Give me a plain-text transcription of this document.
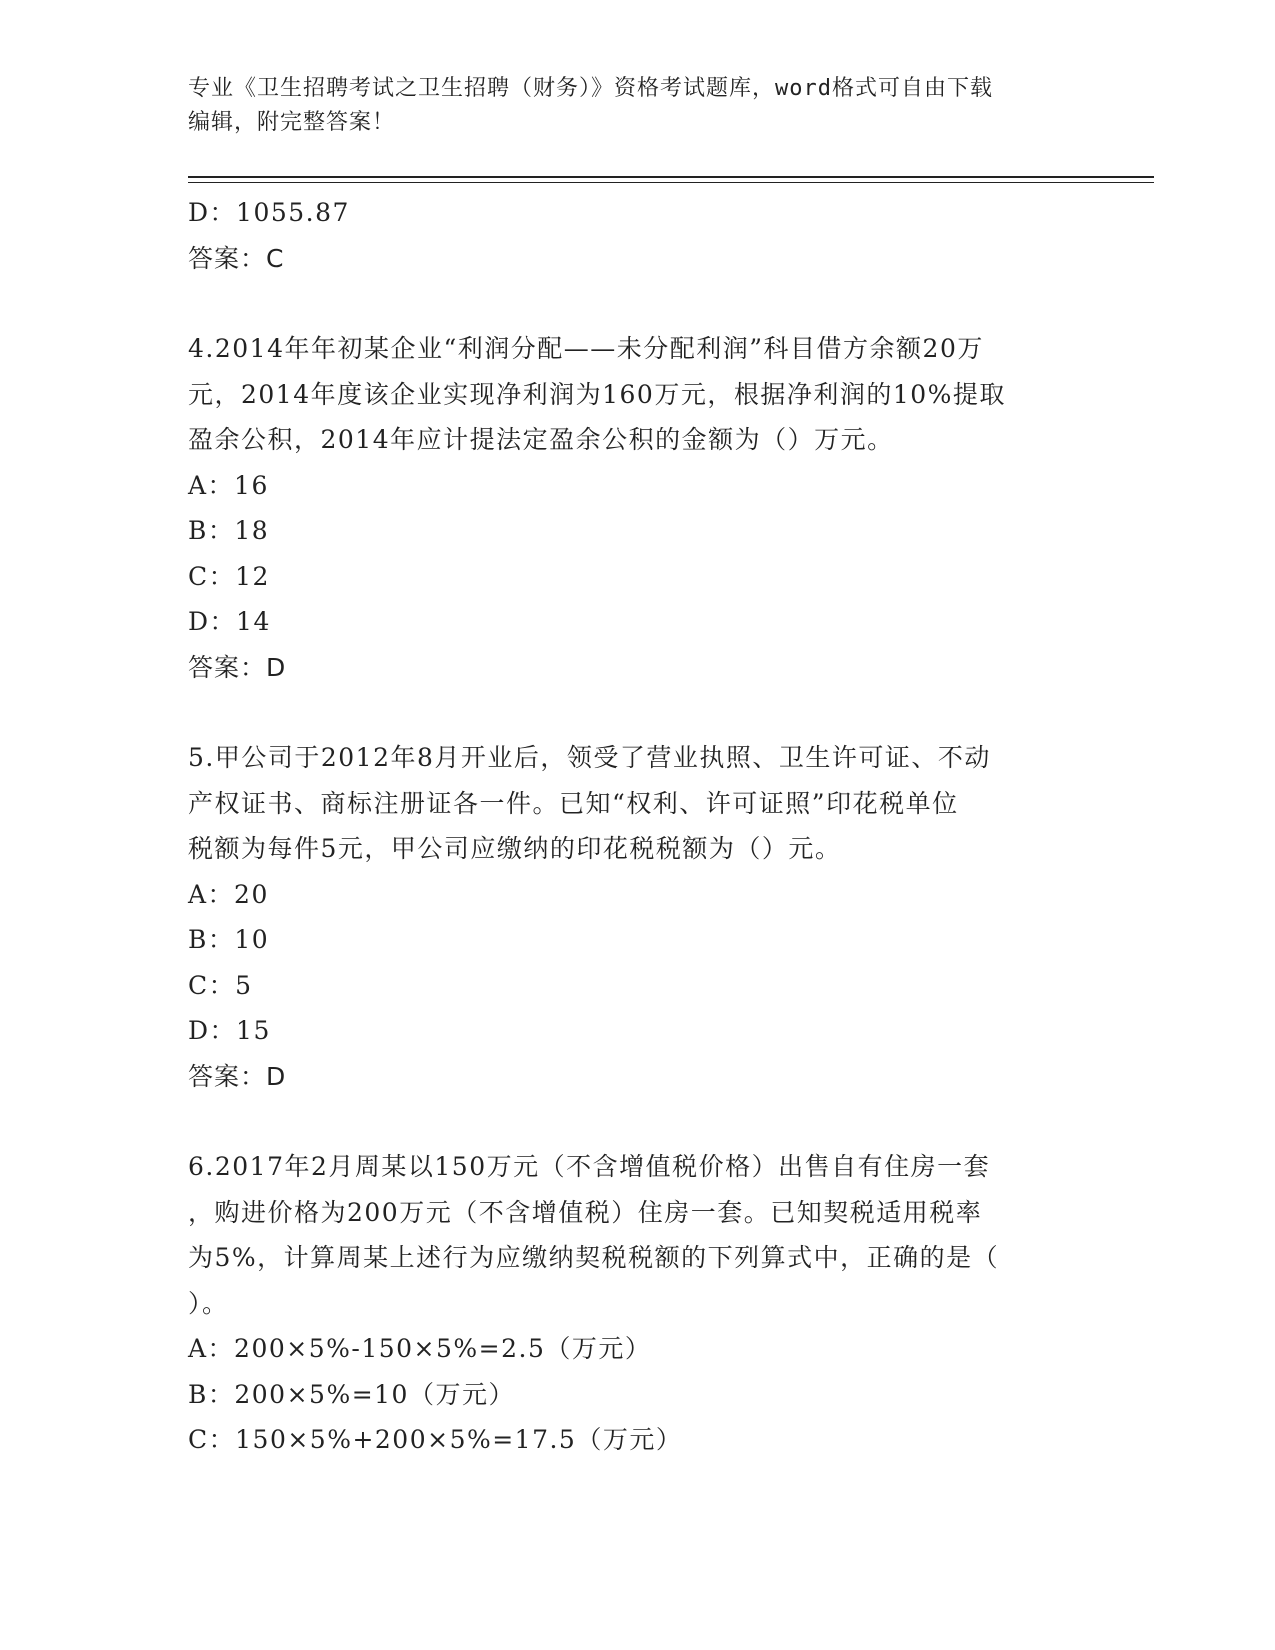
专业《卫生招聘考试之卫生招聘（财务）》资格考试题库，word格式可自由下载
编辑，附完整答案！
D：1055.87
答案：C
4.2014年年初某企业“利润分配——未分配利润”科目借方余额20万
元，2014年度该企业实现净利润为160万元，根据净利润的10%提取
盈余公积，2014年应计提法定盈余公积的金额为（）万元。
A：16
B：18
C：12
D：14
答案：D
5.甲公司于2012年8月开业后，领受了营业执照、卫生许可证、不动
产权证书、商标注册证各一件。已知“权利、许可证照”印花税单位
税额为每件5元，甲公司应缴纳的印花税税额为（）元。
A：20
B：10
C：5
D：15
答案：D
6.2017年2月周某以150万元（不含增值税价格）出售自有住房一套
，购进价格为200万元（不含增值税）住房一套。已知契税适用税率
为5%，计算周某上述行为应缴纳契税税额的下列算式中，正确的是（
）。
A：200×5%-150×5%=2.5（万元）
B：200×5%=10（万元）
C：150×5%+200×5%=17.5（万元）
